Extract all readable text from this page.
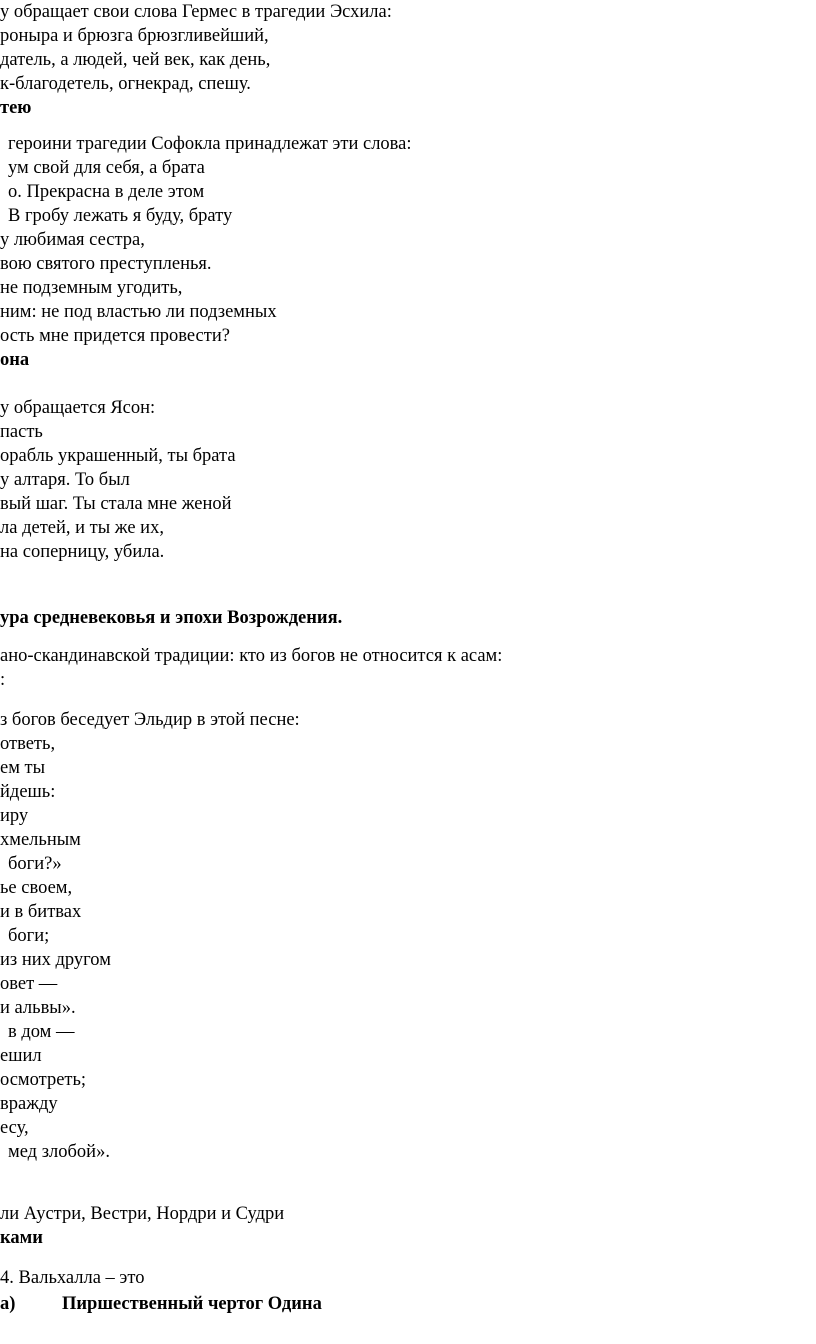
у обращает свои слова Гермес в трагедии Эсхила:
роныра и брюзга брюзгливейший,
датель, а людей, чей век, как день,
к-благодетель, огнекрад, спешу.
тею
героини трагедии Софокла принадлежат эти слова:
ум свой для себя, а брата
о. Прекрасна в деле этом
В гробу лежать я буду, брату
у любимая сестра,
вою святого преступленья.
не подземным угодить,
ним: не под властью ли подземных
ость мне придется провести?
она
у обращается Ясон:
пасть
орабль украшенный, ты брата
у алтаря. То был
вый шаг. Ты стала мне женой
ла детей, и ты же их,
на соперницу, убила.
ура средневековья и эпохи Возрождения.
ано-скандинавской традиции: кто из богов не относится к асам:
:
з богов беседует Эльдир в этой песне:
ответь,
ем ты
йдешь:
иру
хмельным
боги?»
ье своем,
и в битвах
боги;
из них другом
овет —
и альвы».
в дом —
ешил
осмотреть;
вражду
есу,
мед злобой».
ли Аустри, Вестри, Нордри и Судри
ками
4. Вальхалла – это
а)	Пиршественный чертог Одина
